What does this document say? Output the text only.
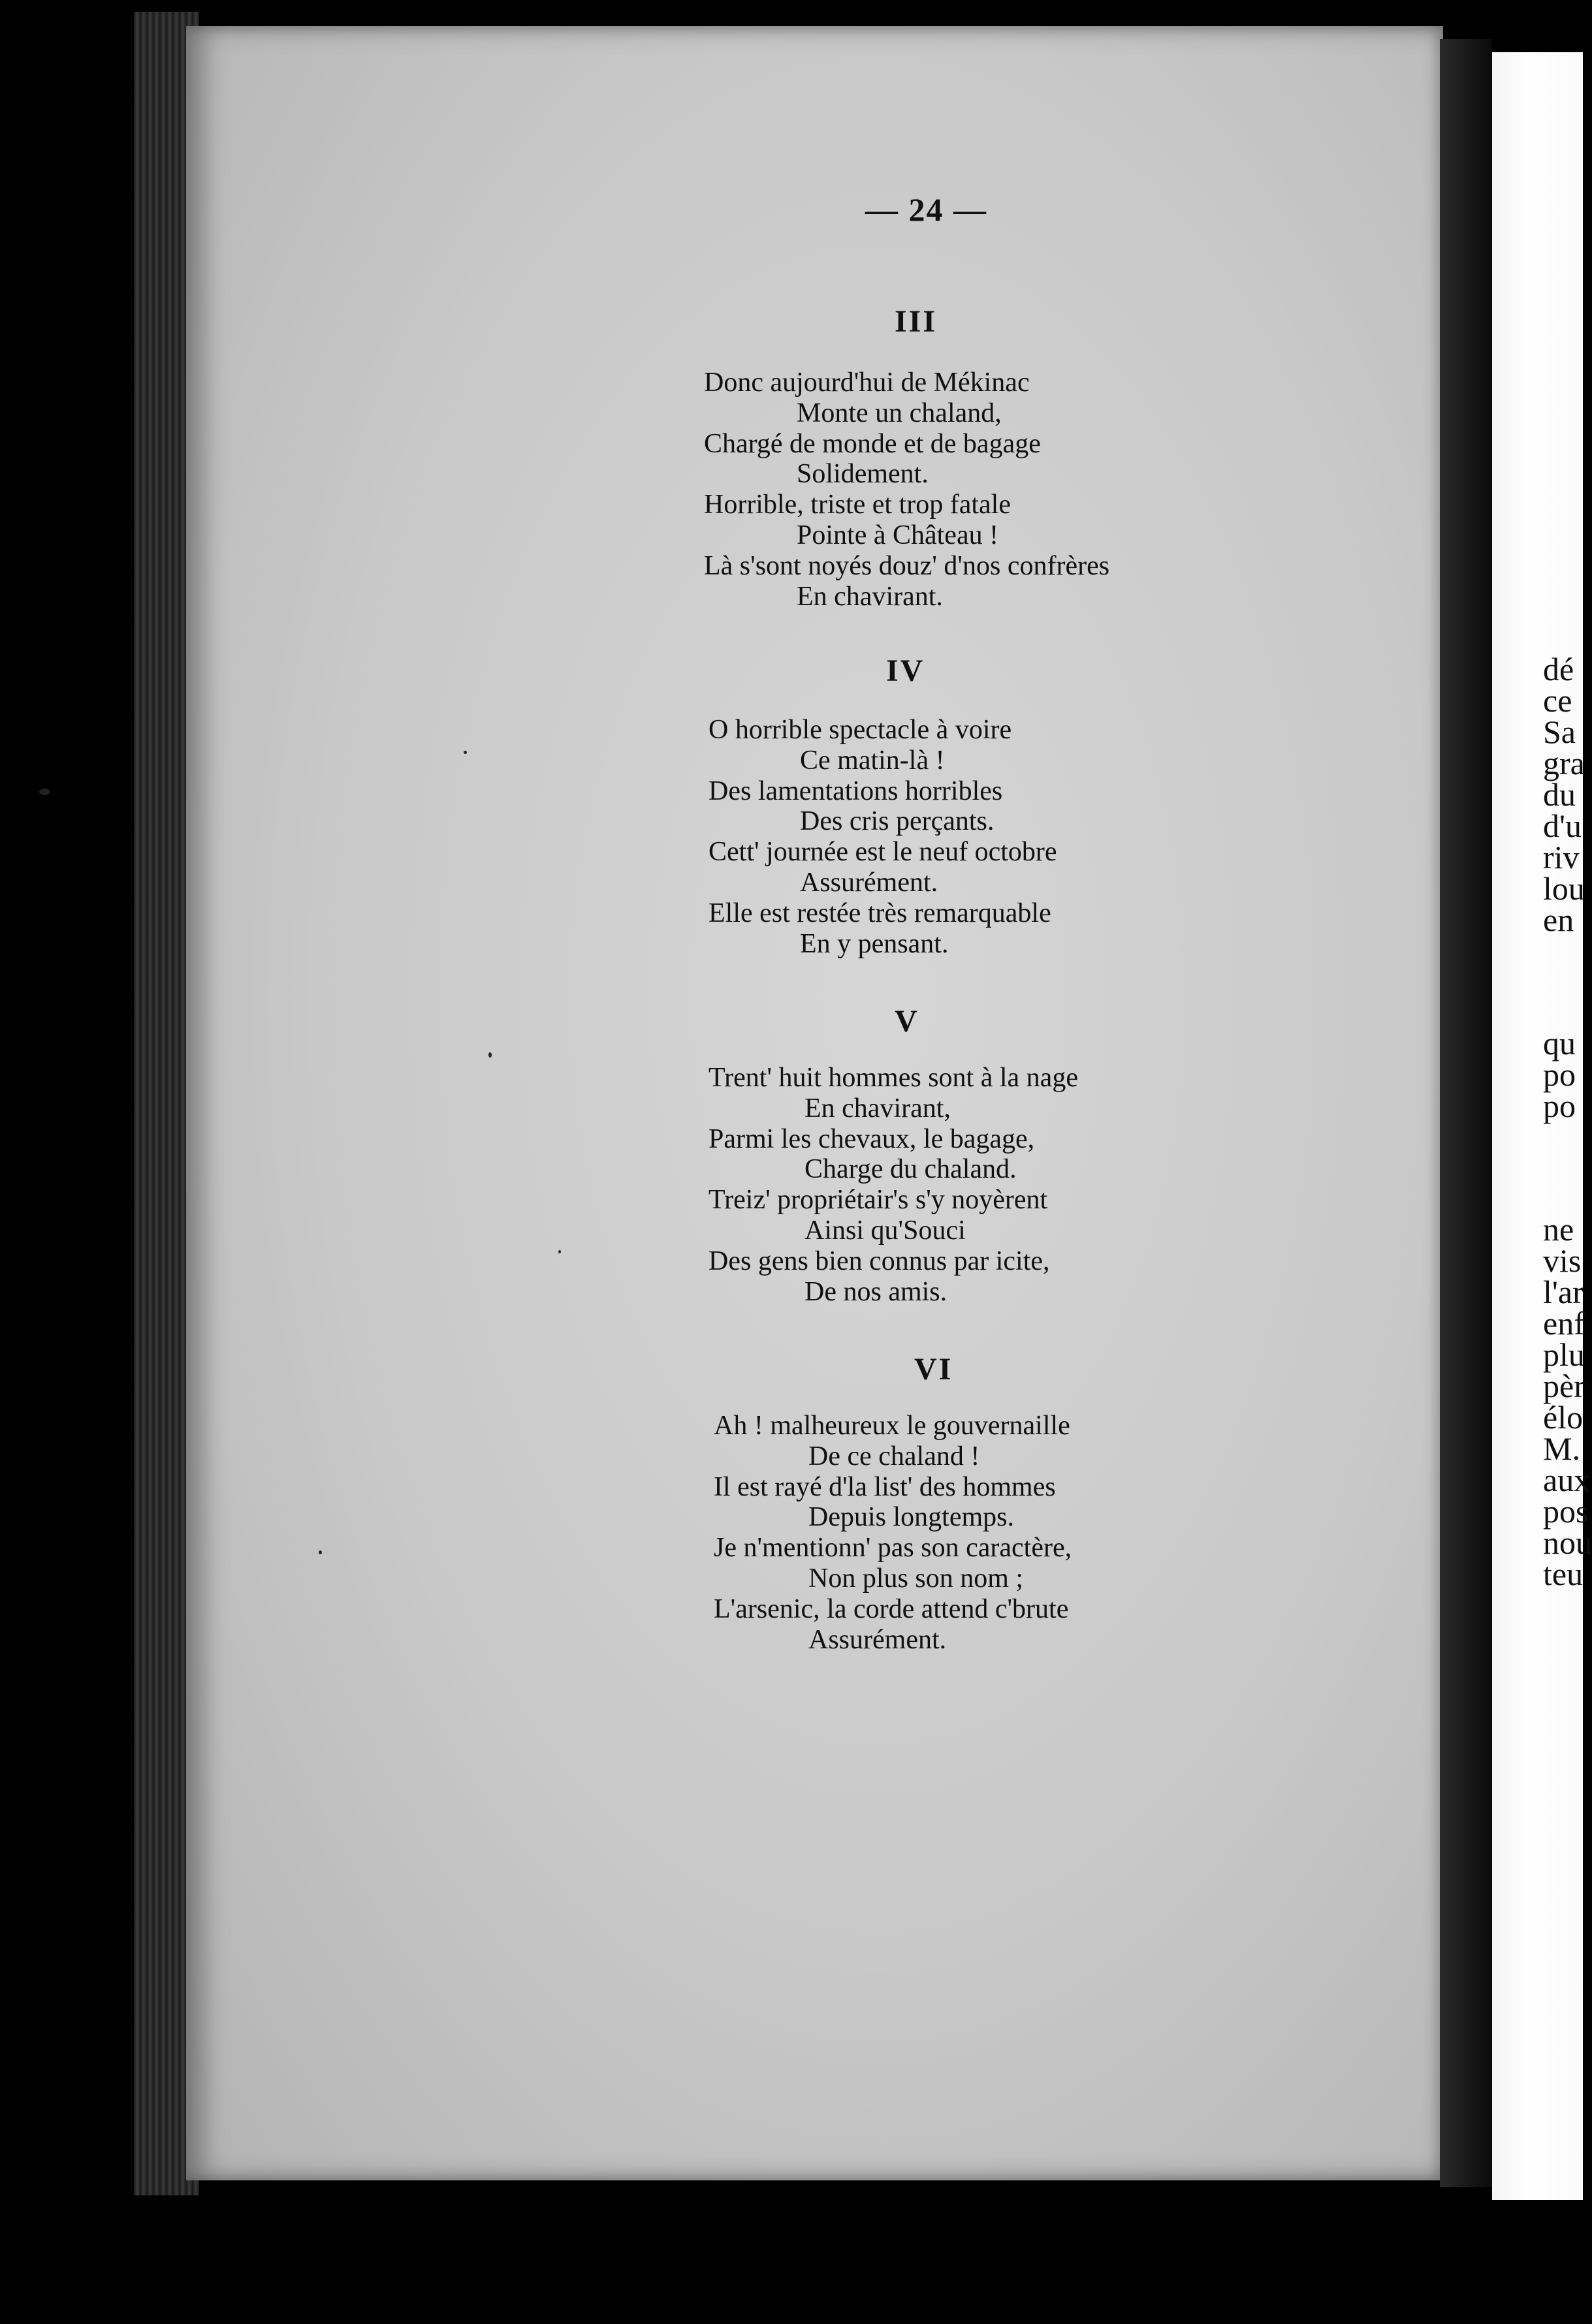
dé
ce
Sa
gra
du
d'u
riv
lou
en
qu
po
po
ne
vis
l'ar
enf
plu
pèr
élo
M.
aux
pos
nou
teu
— 24 —
III
Donc aujourd'hui de Mékinac
Monte un chaland,
Chargé de monde et de bagage
Solidement.
Horrible, triste et trop fatale
Pointe à Château !
Là s'sont noyés douz' d'nos confrères
En chavirant.
IV
O horrible spectacle à voire
Ce matin-là !
Des lamentations horribles
Des cris perçants.
Cett' journée est le neuf octobre
Assurément.
Elle est restée très remarquable
En y pensant.
V
Trent' huit hommes sont à la nage
En chavirant,
Parmi les chevaux, le bagage,
Charge du chaland.
Treiz' propriétair's s'y noyèrent
Ainsi qu'Souci
Des gens bien connus par icite,
De nos amis.
VI
Ah ! malheureux le gouvernaille
De ce chaland !
Il est rayé d'la list' des hommes
Depuis longtemps.
Je n'mentionn' pas son caractère,
Non plus son nom ;
L'arsenic, la corde attend c'brute
Assurément.
